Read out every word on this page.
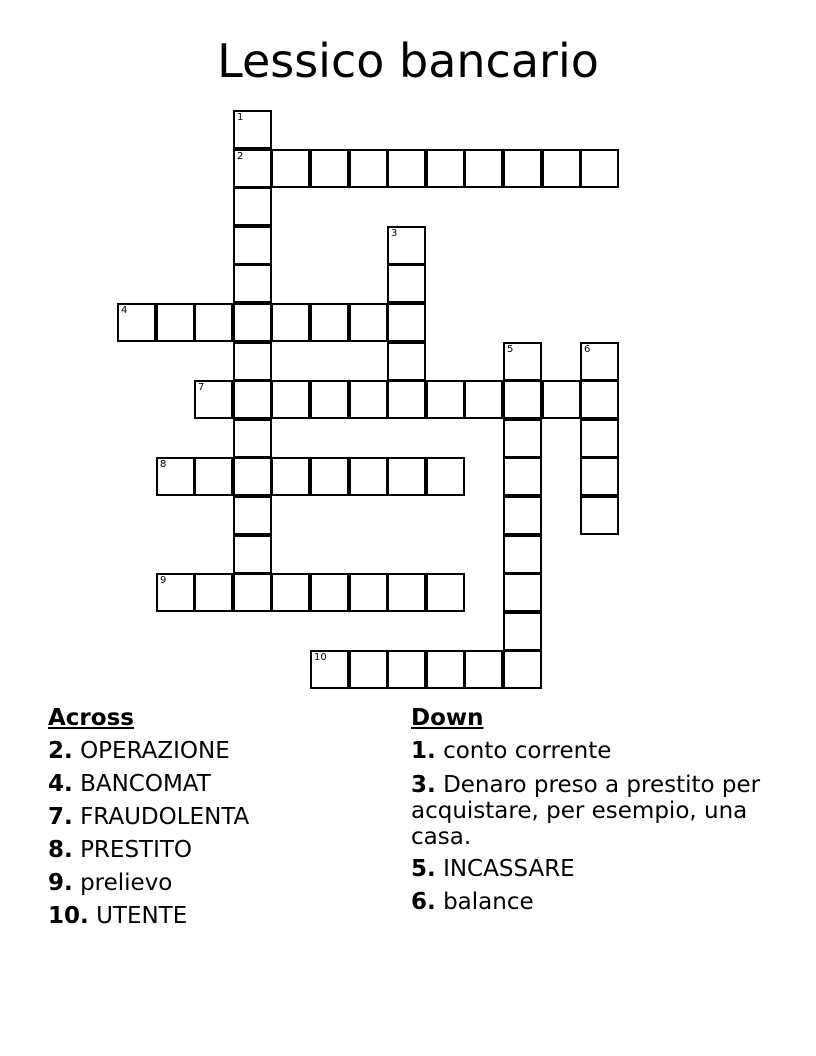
Lessico bancario
1
2
3
4
5	6
7
8
9
10
Across
2. OPERAZIONE
4. BANCOMAT
7. FRAUDOLENTA
8. PRESTITO
9. prelievo
10. UTENTE
Down
1. conto corrente
3. Denaro preso a prestito per acquistare, per esempio, una casa.
5. INCASSARE
6. balance
